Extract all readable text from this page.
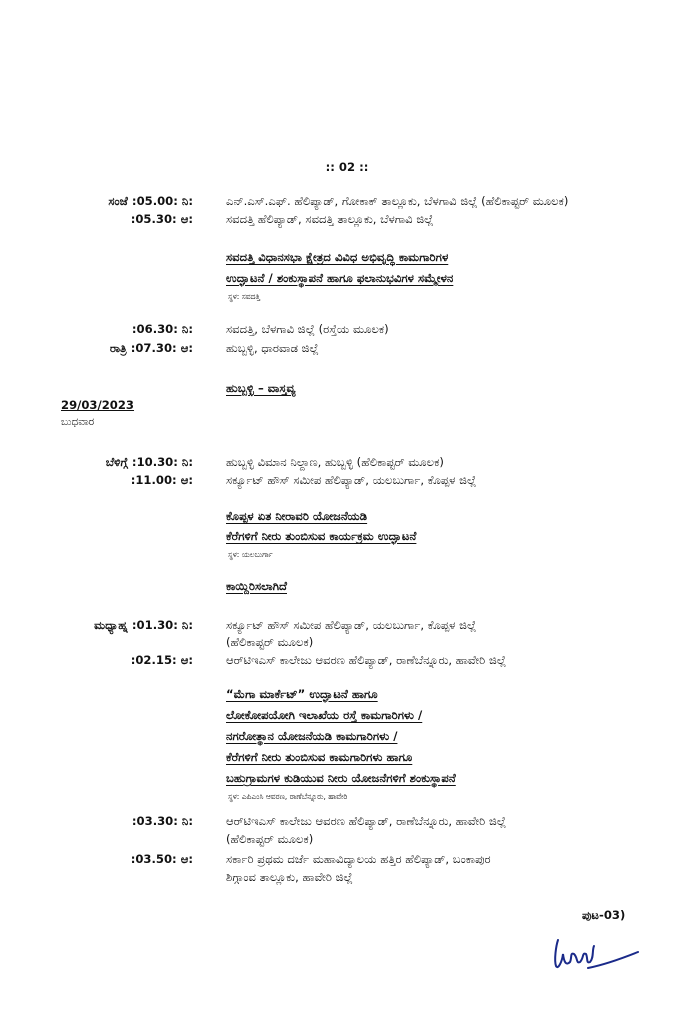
:: 02 ::
ಸಂಜೆ :05.00: ನಿ:	ಎನ್.ಎಸ್.ಎಫ್. ಹೆಲಿಪ್ಯಾಡ್, ಗೋಕಾಕ್ ತಾಲ್ಲೂಕು, ಬೆಳಗಾವಿ ಜಿಲ್ಲೆ (ಹೆಲಿಕಾಪ್ಟರ್ ಮೂಲಕ)
:05.30: ಆ:	ಸವದತ್ತಿ ಹೆಲಿಪ್ಯಾಡ್, ಸವದತ್ತಿ ತಾಲ್ಲೂಕು, ಬೆಳಗಾವಿ ಜಿಲ್ಲೆ
ಸವದತ್ತಿ ವಿಧಾನಸಭಾ ಕ್ಷೇತ್ರದ ವಿವಿಧ ಅಭಿವೃದ್ಧಿ ಕಾಮಗಾರಿಗಳ
ಉದ್ಘಾಟನೆ / ಶಂಕುಸ್ಥಾಪನೆ ಹಾಗೂ ಫಲಾನುಭವಿಗಳ ಸಮ್ಮೇಳನ
ಸ್ಥಳ: ಸವದತ್ತಿ
:06.30: ನಿ:	ಸವದತ್ತಿ, ಬೆಳಗಾವಿ ಜಿಲ್ಲೆ (ರಸ್ತೆಯ ಮೂಲಕ)
ರಾತ್ರಿ :07.30: ಆ:	ಹುಬ್ಬಳ್ಳಿ, ಧಾರವಾಡ ಜಿಲ್ಲೆ
ಹುಬ್ಬಳ್ಳಿ – ವಾಸ್ತವ್ಯ
29/03/2023
ಬುಧವಾರ
ಬೆಳಿಗ್ಗೆ :10.30: ನಿ:	ಹುಬ್ಬಳ್ಳಿ ವಿಮಾನ ನಿಲ್ದಾಣ, ಹುಬ್ಬಳ್ಳಿ (ಹೆಲಿಕಾಪ್ಟರ್ ಮೂಲಕ)
:11.00: ಆ:	ಸರ್ಕ್ಯೂಟ್ ಹೌಸ್ ಸಮೀಪ ಹೆಲಿಪ್ಯಾಡ್, ಯಲಬುರ್ಗಾ, ಕೊಪ್ಪಳ ಜಿಲ್ಲೆ
ಕೊಪ್ಪಳ ಏತ ನೀರಾವರಿ ಯೋಜನೆಯಡಿ
ಕೆರೆಗಳಿಗೆ ನೀರು ತುಂಬಿಸುವ ಕಾರ್ಯಕ್ರಮ ಉದ್ಘಾಟನೆ
ಸ್ಥಳ: ಯಲಬುರ್ಗಾ
ಕಾಯ್ದಿರಿಸಲಾಗಿದೆ
ಮಧ್ಯಾಹ್ನ :01.30: ನಿ:	ಸರ್ಕ್ಯೂಟ್ ಹೌಸ್ ಸಮೀಪ ಹೆಲಿಪ್ಯಾಡ್, ಯಲಬುರ್ಗಾ, ಕೊಪ್ಪಳ ಜಿಲ್ಲೆ
(ಹೆಲಿಕಾಪ್ಟರ್ ಮೂಲಕ)
:02.15: ಆ:	ಆರ್‌ಟಿಇಎಸ್ ಕಾಲೇಜು ಆವರಣ ಹೆಲಿಪ್ಯಾಡ್, ರಾಣೆಬೆನ್ನೂರು, ಹಾವೇರಿ ಜಿಲ್ಲೆ
“ಮೆಗಾ ಮಾರ್ಕೆಟ್” ಉದ್ಘಾಟನೆ ಹಾಗೂ
ಲೋಕೋಪಯೋಗಿ ಇಲಾಖೆಯ ರಸ್ತೆ ಕಾಮಗಾರಿಗಳು /
ನಗರೋತ್ಥಾನ ಯೋಜನೆಯಡಿ ಕಾಮಗಾರಿಗಳು /
ಕೆರೆಗಳಿಗೆ ನೀರು ತುಂಬಿಸುವ ಕಾಮಗಾರಿಗಳು ಹಾಗೂ
ಬಹುಗ್ರಾಮಗಳ ಕುಡಿಯುವ ನೀರು ಯೋಜನೆಗಳಿಗೆ ಶಂಕುಸ್ಥಾಪನೆ
ಸ್ಥಳ: ಎಪಿಎಂಸಿ ಆವರಣ, ರಾಣೆಬೆನ್ನೂರು, ಹಾವೇರಿ
:03.30: ನಿ:	ಆರ್‌ಟಿಇಎಸ್ ಕಾಲೇಜು ಆವರಣ ಹೆಲಿಪ್ಯಾಡ್, ರಾಣೆಬೆನ್ನೂರು, ಹಾವೇರಿ ಜಿಲ್ಲೆ
(ಹೆಲಿಕಾಪ್ಟರ್ ಮೂಲಕ)
:03.50: ಆ:	ಸರ್ಕಾರಿ ಪ್ರಥಮ ದರ್ಜೆ ಮಹಾವಿದ್ಯಾಲಯ ಹತ್ತಿರ ಹೆಲಿಪ್ಯಾಡ್, ಬಂಕಾಪುರ
ಶಿಗ್ಗಾಂವ ತಾಲ್ಲೂಕು, ಹಾವೇರಿ ಜಿಲ್ಲೆ
ಪುಟ-03)
